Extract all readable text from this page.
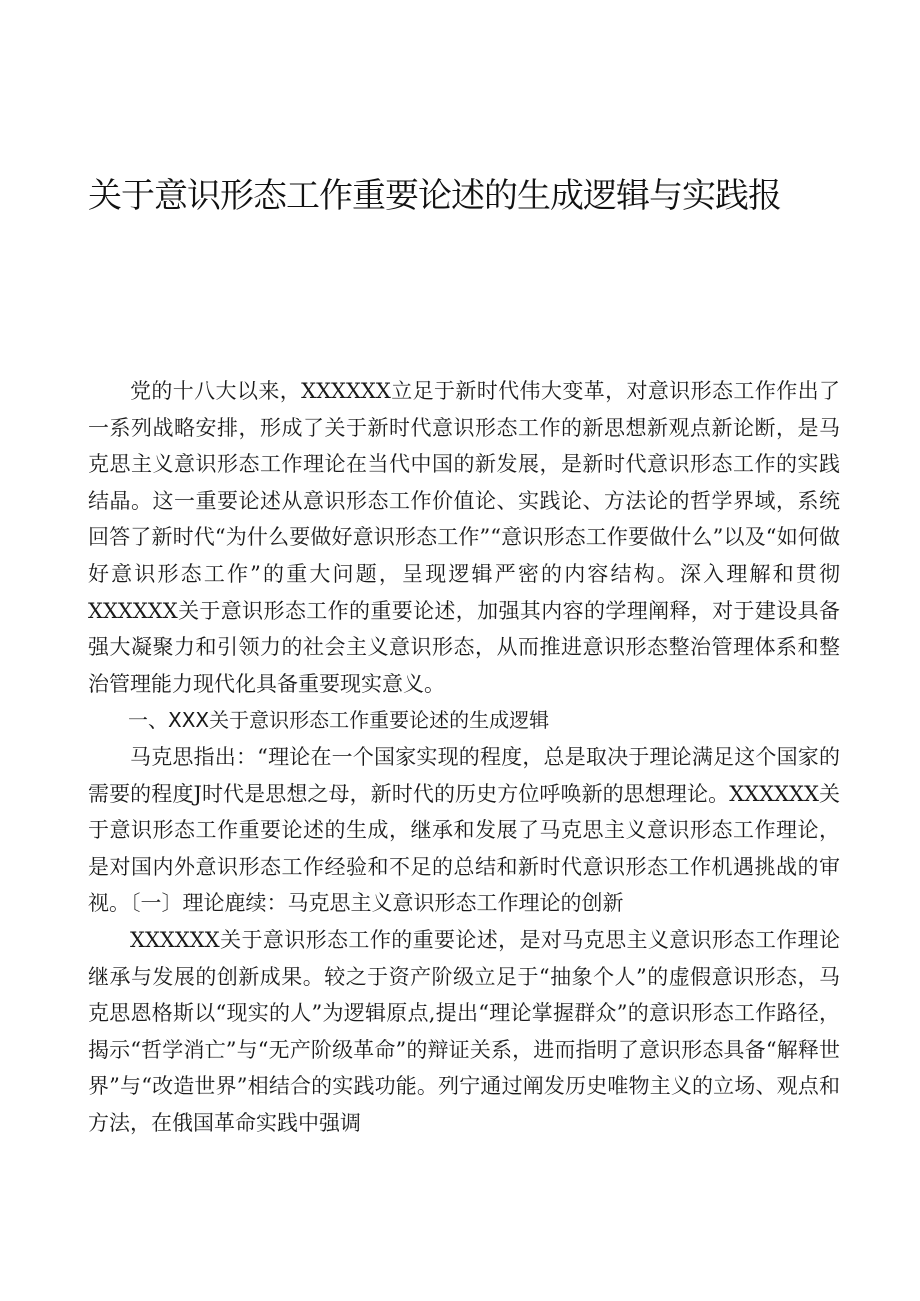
关于意识形态工作重要论述的生成逻辑与实践报

党的十八大以来，XXXXXX立足于新时代伟大变革，对意识形态工作作出了一系列战略安排，形成了关于新时代意识形态工作的新思想新观点新论断，是马克思主义意识形态工作理论在当代中国的新发展，是新时代意识形态工作的实践结晶。这一重要论述从意识形态工作价值论、实践论、方法论的哲学界域，系统回答了新时代“为什么要做好意识形态工作”“意识形态工作要做什么”以及“如何做好意识形态工作”的重大问题，呈现逻辑严密的内容结构。深入理解和贯彻XXXXXX关于意识形态工作的重要论述，加强其内容的学理阐释，对于建设具备强大凝聚力和引领力的社会主义意识形态，从而推进意识形态整治管理体系和整治管理能力现代化具备重要现实意义。

一、XXX关于意识形态工作重要论述的生成逻辑

马克思指出：“理论在一个国家实现的程度，总是取决于理论满足这个国家的需要的程度J时代是思想之母，新时代的历史方位呼唤新的思想理论。XXXXXX关于意识形态工作重要论述的生成，继承和发展了马克思主义意识形态工作理论，是对国内外意识形态工作经验和不足的总结和新时代意识形态工作机遇挑战的审视。〔一〕理论鹿续：马克思主义意识形态工作理论的创新

XXXXXX关于意识形态工作的重要论述，是对马克思主义意识形态工作理论继承与发展的创新成果。较之于资产阶级立足于“抽象个人”的虚假意识形态，马克思恩格斯以“现实的人”为逻辑原点,提出“理论掌握群众”的意识形态工作路径，揭示“哲学消亡”与“无产阶级革命”的辩证关系，进而指明了意识形态具备“解释世界”与“改造世界”相结合的实践功能。列宁通过阐发历史唯物主义的立场、观点和方法，在俄国革命实践中强调
